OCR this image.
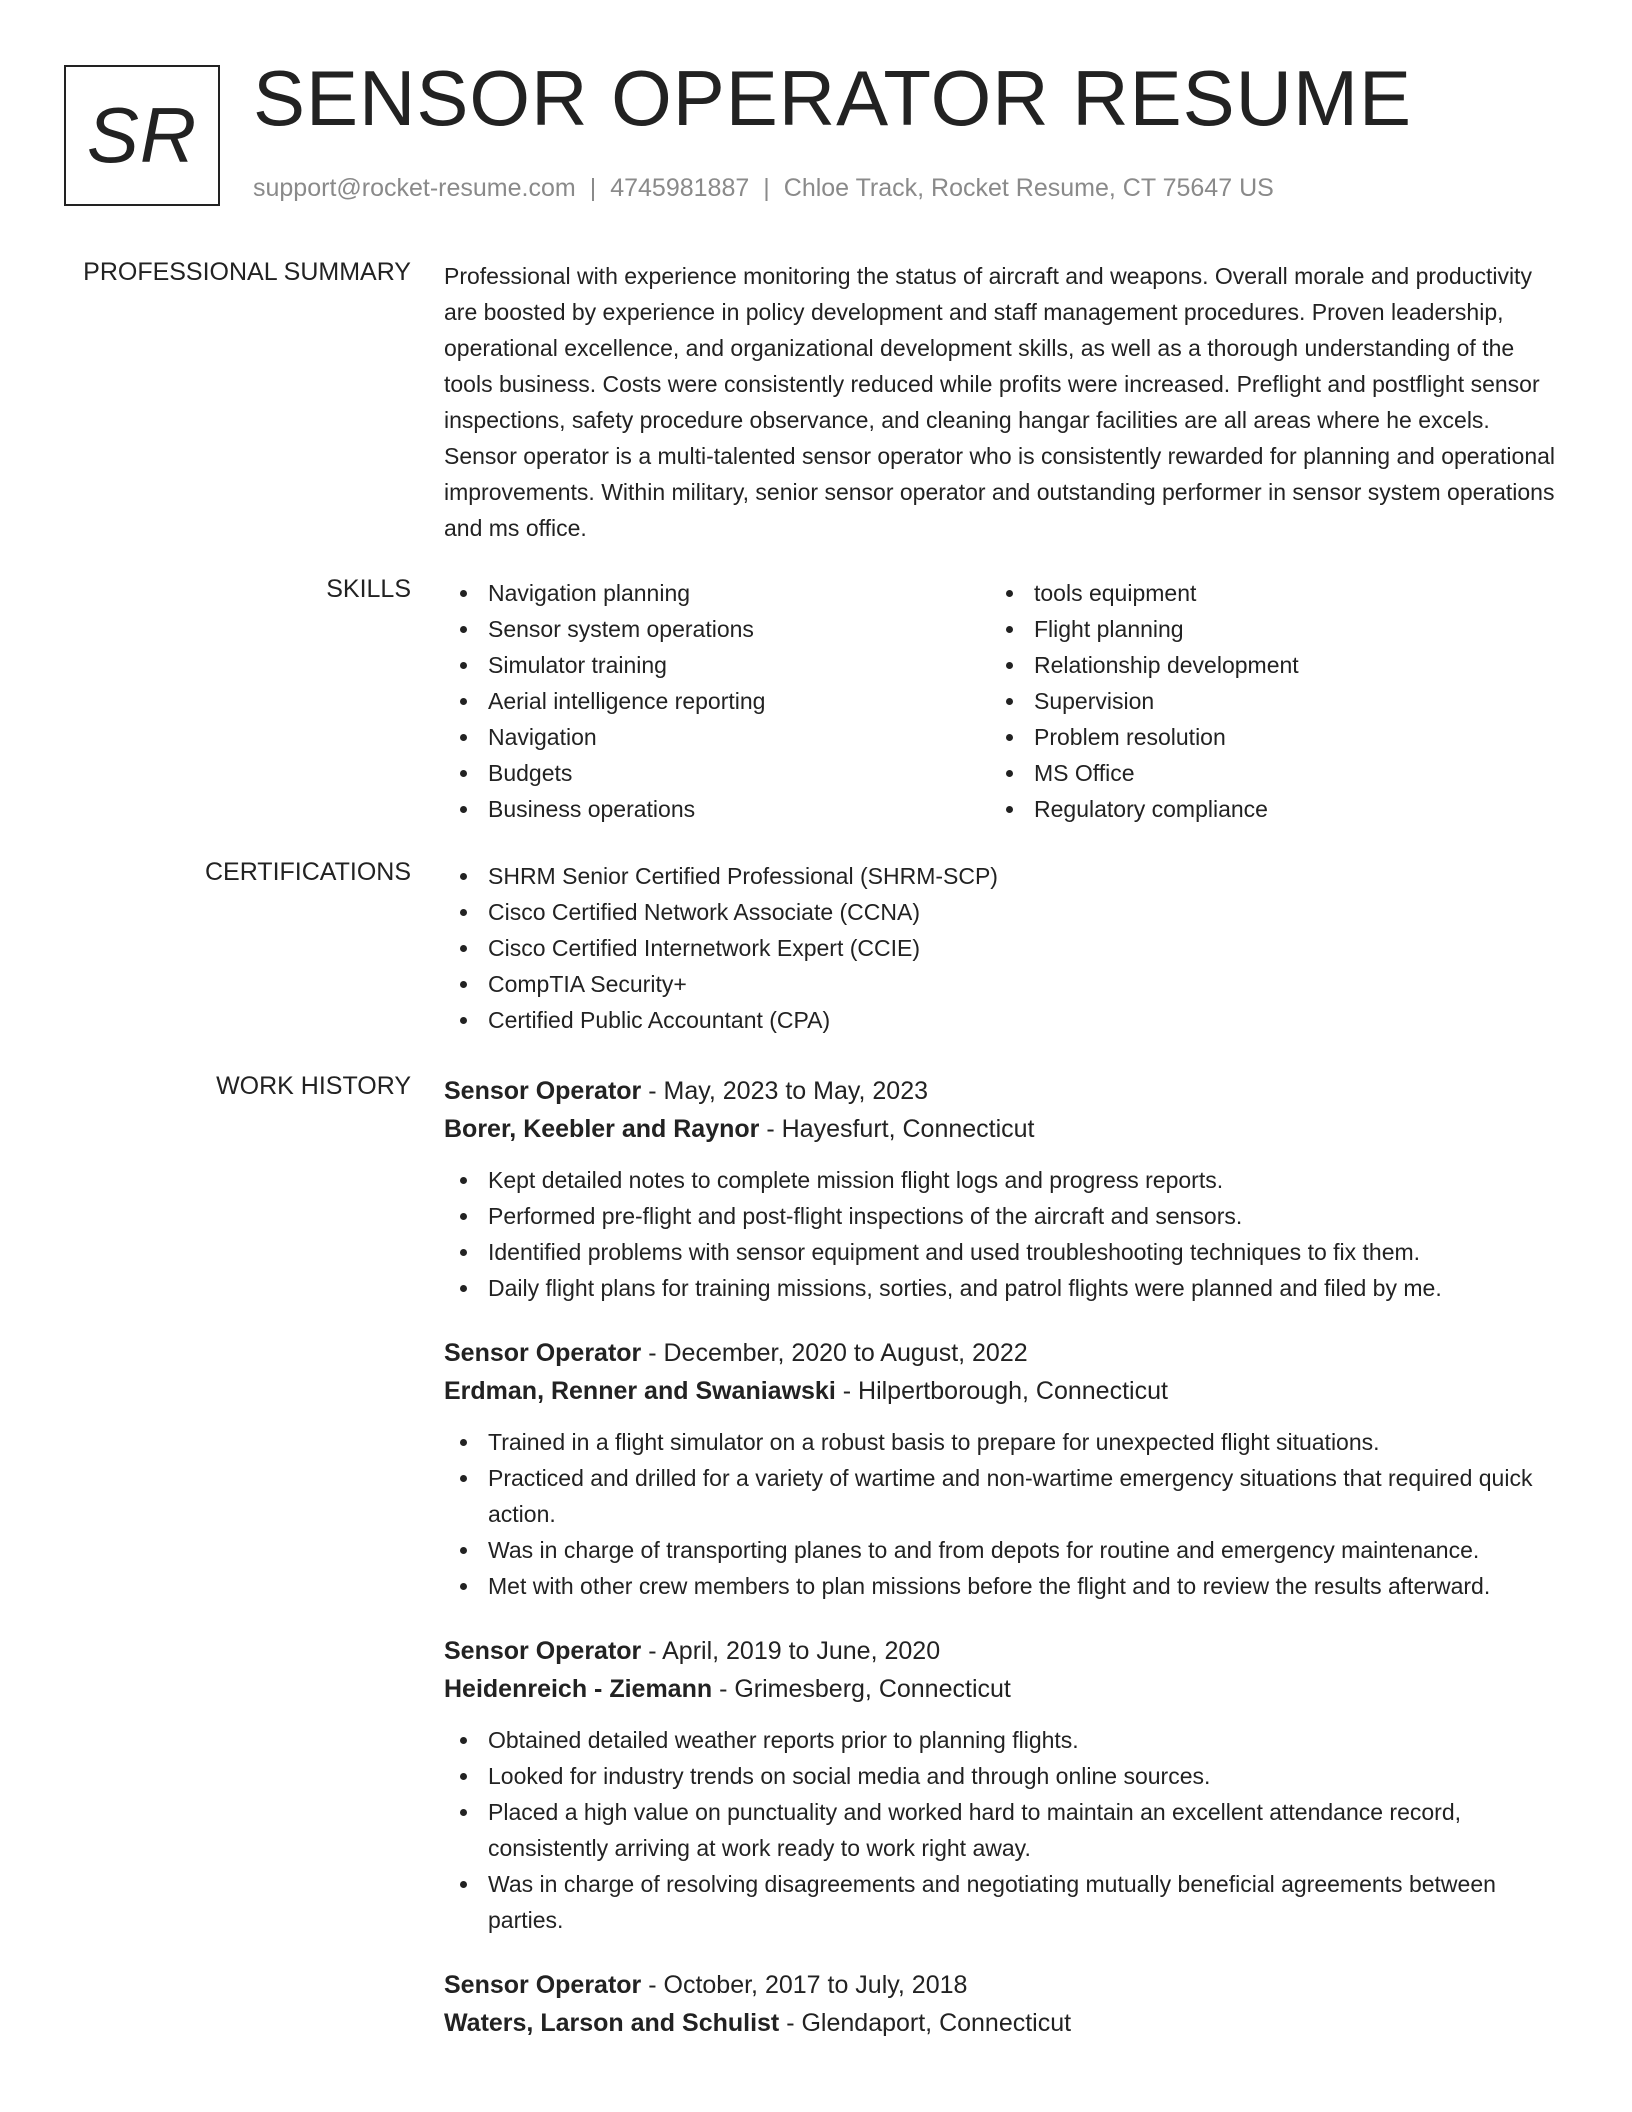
SR SENSOR OPERATOR RESUME
support@rocket-resume.com | 4745981887 | Chloe Track, Rocket Resume, CT 75647 US
PROFESSIONAL SUMMARY Professional with experience monitoring the status of aircraft and weapons. Overall morale and productivity are boosted by experience in policy development and staff management procedures. Proven leadership, operational excellence, and organizational development skills, as well as a thorough understanding of the tools business. Costs were consistently reduced while profits were increased. Preflight and postflight sensor inspections, safety procedure observance, and cleaning hangar facilities are all areas where he excels. Sensor operator is a multi-talented sensor operator who is consistently rewarded for planning and operational improvements. Within military, senior sensor operator and outstanding performer in sensor system operations and ms office.

SKILLS	Navigation planning
Sensor system operations
Simulator training
Aerial intelligence reporting
Navigation
Budgets
Business operations
tools equipment
Flight planning
Relationship development
Supervision
Problem resolution
MS Office
Regulatory compliance
CERTIFICATIONS	SHRM Senior Certified Professional (SHRM-SCP)
Cisco Certified Network Associate (CCNA)
Cisco Certified Internetwork Expert (CCIE)
CompTIA Security+
Certified Public Accountant (CPA)
WORK HISTORY Sensor Operator - May, 2023 to May, 2023
Borer, Keebler and Raynor - Hayesfurt, Connecticut
Kept detailed notes to complete mission flight logs and progress reports.
Performed pre-flight and post-flight inspections of the aircraft and sensors.
Identified problems with sensor equipment and used troubleshooting techniques to fix them.
Daily flight plans for training missions, sorties, and patrol flights were planned and filed by me.
Sensor Operator - December, 2020 to August, 2022
Erdman, Renner and Swaniawski - Hilpertborough, Connecticut
Trained in a flight simulator on a robust basis to prepare for unexpected flight situations.
Practiced and drilled for a variety of wartime and non-wartime emergency situations that required quick action.
Was in charge of transporting planes to and from depots for routine and emergency maintenance.
Met with other crew members to plan missions before the flight and to review the results afterward.
Sensor Operator - April, 2019 to June, 2020
Heidenreich - Ziemann - Grimesberg, Connecticut
Obtained detailed weather reports prior to planning flights.
Looked for industry trends on social media and through online sources.
Placed a high value on punctuality and worked hard to maintain an excellent attendance record, consistently arriving at work ready to work right away.
Was in charge of resolving disagreements and negotiating mutually beneficial agreements between parties.
Sensor Operator - October, 2017 to July, 2018
Waters, Larson and Schulist - Glendaport, Connecticut
